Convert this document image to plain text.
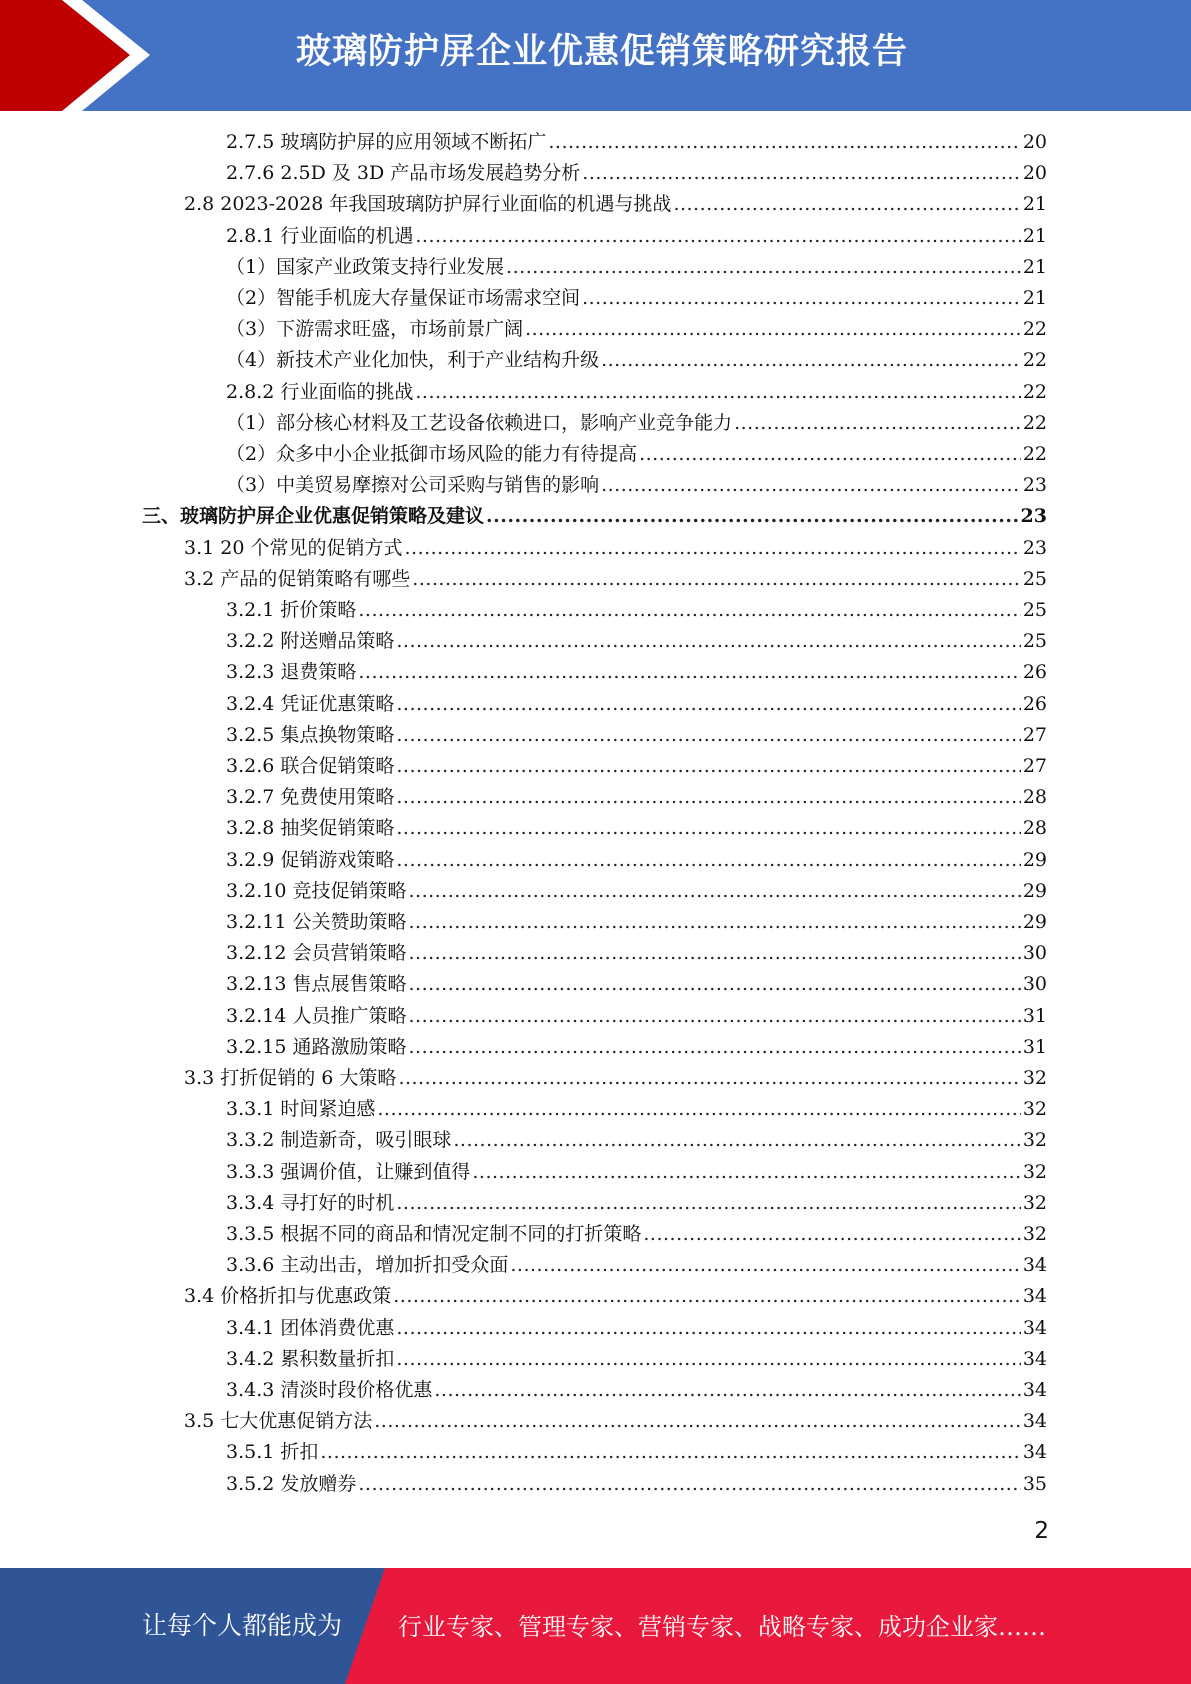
玻璃防护屏企业优惠促销策略研究报告
2.7.5 玻璃防护屏的应用领域不断拓广 .....	20
2.7.6 2.5D 及 3D 产品市场发展趋势分析 .....	20
2.8 2023-2028 年我国玻璃防护屏行业面临的机遇与挑战 .....	21
2.8.1 行业面临的机遇 .....	21
（1）国家产业政策支持行业发展 .....	21
（2）智能手机庞大存量保证市场需求空间 .....	21
（3）下游需求旺盛，市场前景广阔 .....	22
（4）新技术产业化加快，利于产业结构升级 .....	22
2.8.2 行业面临的挑战 .....	22
（1）部分核心材料及工艺设备依赖进口，影响产业竞争能力 .....	22
（2）众多中小企业抵御市场风险的能力有待提高 .....	22
（3）中美贸易摩擦对公司采购与销售的影响 .....	23
三、玻璃防护屏企业优惠促销策略及建议 .....	23
3.1 20 个常见的促销方式 .....	23
3.2 产品的促销策略有哪些 .....	25
3.2.1 折价策略 .....	25
3.2.2 附送赠品策略 .....	25
3.2.3 退费策略 .....	26
3.2.4 凭证优惠策略 .....	26
3.2.5 集点换物策略 .....	27
3.2.6 联合促销策略 .....	27
3.2.7 免费使用策略 .....	28
3.2.8 抽奖促销策略 .....	28
3.2.9 促销游戏策略 .....	29
3.2.10 竞技促销策略 .....	29
3.2.11 公关赞助策略 .....	29
3.2.12 会员营销策略 .....	30
3.2.13 售点展售策略 .....	30
3.2.14 人员推广策略 .....	31
3.2.15 通路激励策略 .....	31
3.3 打折促销的 6 大策略 .....	32
3.3.1 时间紧迫感 .....	32
3.3.2 制造新奇，吸引眼球 .....	32
3.3.3 强调价值，让赚到值得 .....	32
3.3.4 寻打好的时机 .....	32
3.3.5 根据不同的商品和情况定制不同的打折策略 .....	32
3.3.6 主动出击，增加折扣受众面 .....	34
3.4 价格折扣与优惠政策 .....	34
3.4.1 团体消费优惠 .....	34
3.4.2 累积数量折扣 .....	34
3.4.3 清淡时段价格优惠 .....	34
3.5 七大优惠促销方法 .....	34
3.5.1 折扣 .....	34
3.5.2 发放赠券 .....	35
2
让每个人都能成为 行业专家、管理专家、营销专家、战略专家、成功企业家……
